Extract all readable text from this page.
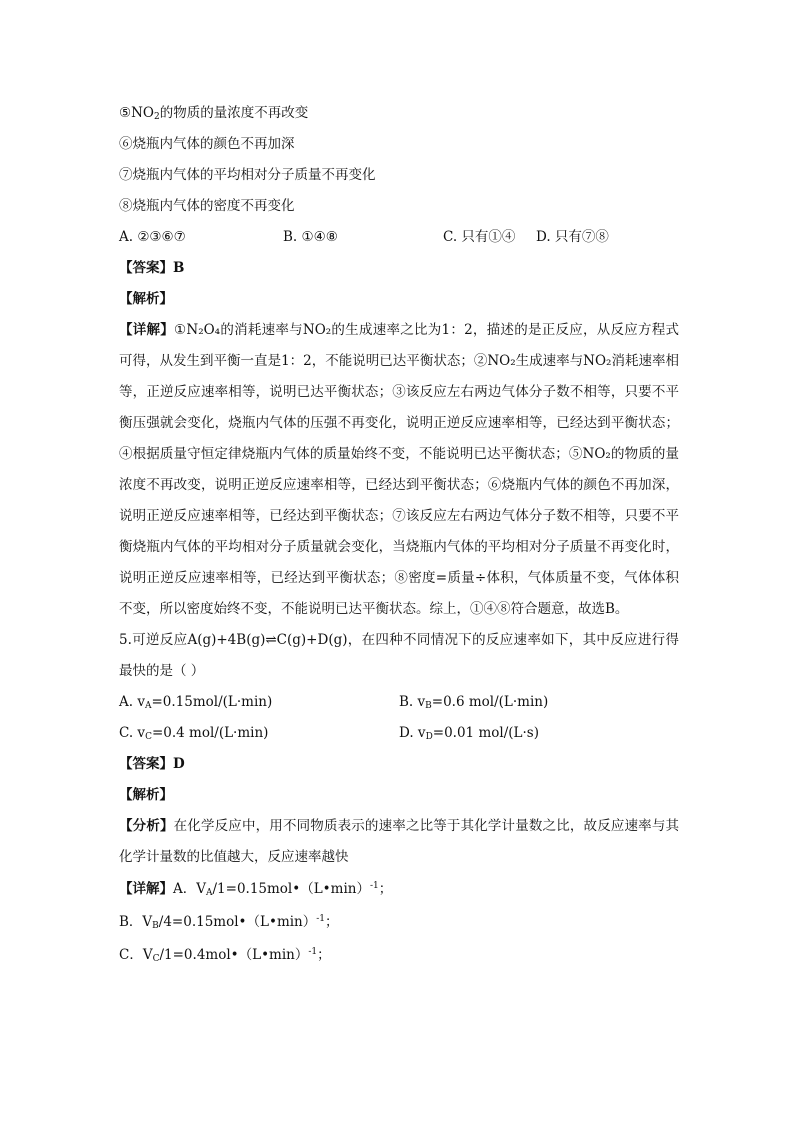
$⑤NO_2$的物质的量浓度不再改变
⑥烧瓶内气体的颜色不再加深
⑦烧瓶内气体的平均相对分子质量不再变化
⑧烧瓶内气体的密度不再变化
A. ②③⑥⑦	B. ①④⑧	C. 只有①④	D. 只有⑦⑧
【答案】B
【解析】
【详解】①N₂O₄的消耗速率与NO₂的生成速率之比为1：2，描述的是正反应，从反应方程式可得，从发生到平衡一直是1：2，不能说明已达平衡状态；②NO₂生成速率与NO₂消耗速率相等，正逆反应速率相等，说明已达平衡状态；③该反应左右两边气体分子数不相等，只要不平衡压强就会变化，烧瓶内气体的压强不再变化，说明正逆反应速率相等，已经达到平衡状态；④根据质量守恒定律烧瓶内气体的质量始终不变，不能说明已达平衡状态；⑤NO₂的物质的量浓度不再改变，说明正逆反应速率相等，已经达到平衡状态；⑥烧瓶内气体的颜色不再加深，说明正逆反应速率相等，已经达到平衡状态；⑦该反应左右两边气体分子数不相等，只要不平衡烧瓶内气体的平均相对分子质量就会变化，当烧瓶内气体的平均相对分子质量不再变化时，说明正逆反应速率相等，已经达到平衡状态；⑧密度=质量÷体积，气体质量不变，气体体积不变，所以密度始终不变，不能说明已达平衡状态。综上，①④⑧符合题意，故选B。
5.可逆反应A(g)+4B(g)⇌C(g)+D(g)，在四种不同情况下的反应速率如下，其中反应进行得最快的是（ ）
A. $v_A=0.15mol/(L\cdot\min)$	B. $v_B=0.6$ mol/(L·min)
C. $v_C=0.4$ mol/(L·min)	D. $v_D=0.01$ mol/(L·s)
【答案】D
【解析】
【分析】在化学反应中，用不同物质表示的速率之比等于其化学计量数之比，故反应速率与其化学计量数的比值越大，反应速率越快
【详解】A．$V_A/1=0.15mol•(L•\min)^{-1}$；
B．$V_B/4=0.15mol•(L•\min)^{-1}$；
C．$V_C/1=0.4mol•(L•\min)^{-1}$；
